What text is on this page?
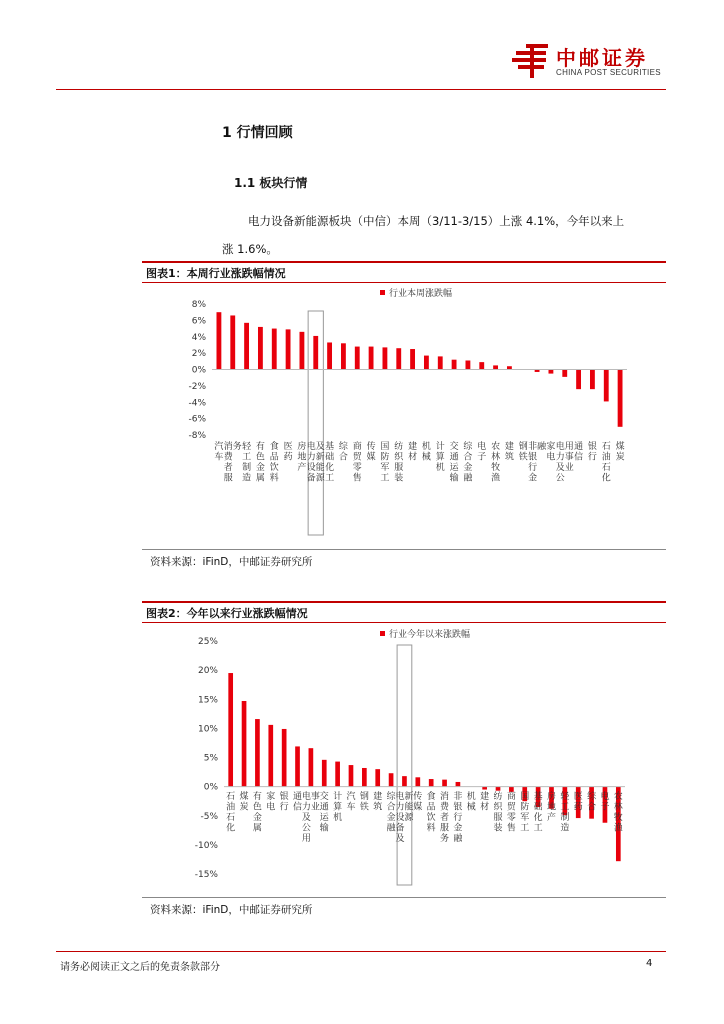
中邮证券
CHINA POST SECURITIES
1 行情回顾
1.1 板块行情
电力设备新能源板块（中信）本周（3/11-3/15）上涨 4.1%，今年以来上
涨 1.6%。
图表1：本周行业涨跌幅情况
行业本周涨跌幅
8%
6%
4%
2%
0%
-2%
-4%
-6%
-8%
汽
车
消
费
者
服
务 轻
工
制
造
有
色
金
属
食
品
饮
料
医
药
房
地
产
电
力
设
备
及
新
能
源
基
础
化
工
综
合
商
贸
零
售
传
媒
国
防
军
工
纺
织
服
装
建
材
机
械
计
算
机
交
通
运
输
综
合
金
融
电
子
农
林
牧
渔
建
筑
钢
铁
非
银
行
金
融 家
电
电
力
及
公
用
事
业
通
信
银
行
石
油
石
化
煤
炭
资料来源：iFinD，中邮证券研究所
图表2：今年以来行业涨跌幅情况
行业今年以来涨跌幅
25%
20%
15%
10%
5%
0%
-5%
-10%
-15%
石
油
石
化
煤
炭
有
色
金
属
家
电
银
行
通
信
电
力
及
公
用
事
业
交
通
运
输
计
算
机
汽
车
钢
铁
建
筑
综
合
金
融
电
力
设
备
及
新
能
源
传
媒
食
品
饮
料
消
费
者
服
务
非
银
行
金
融
机
械
建
材
纺
织
服
装
商
贸
零
售
国
防
军
工
基
础
化
工
房
地
产
轻
工
制
造
医
药
综
合
电
子
农
林
牧
渔
资料来源：iFinD，中邮证券研究所
请务必阅读正文之后的免责条款部分	4
